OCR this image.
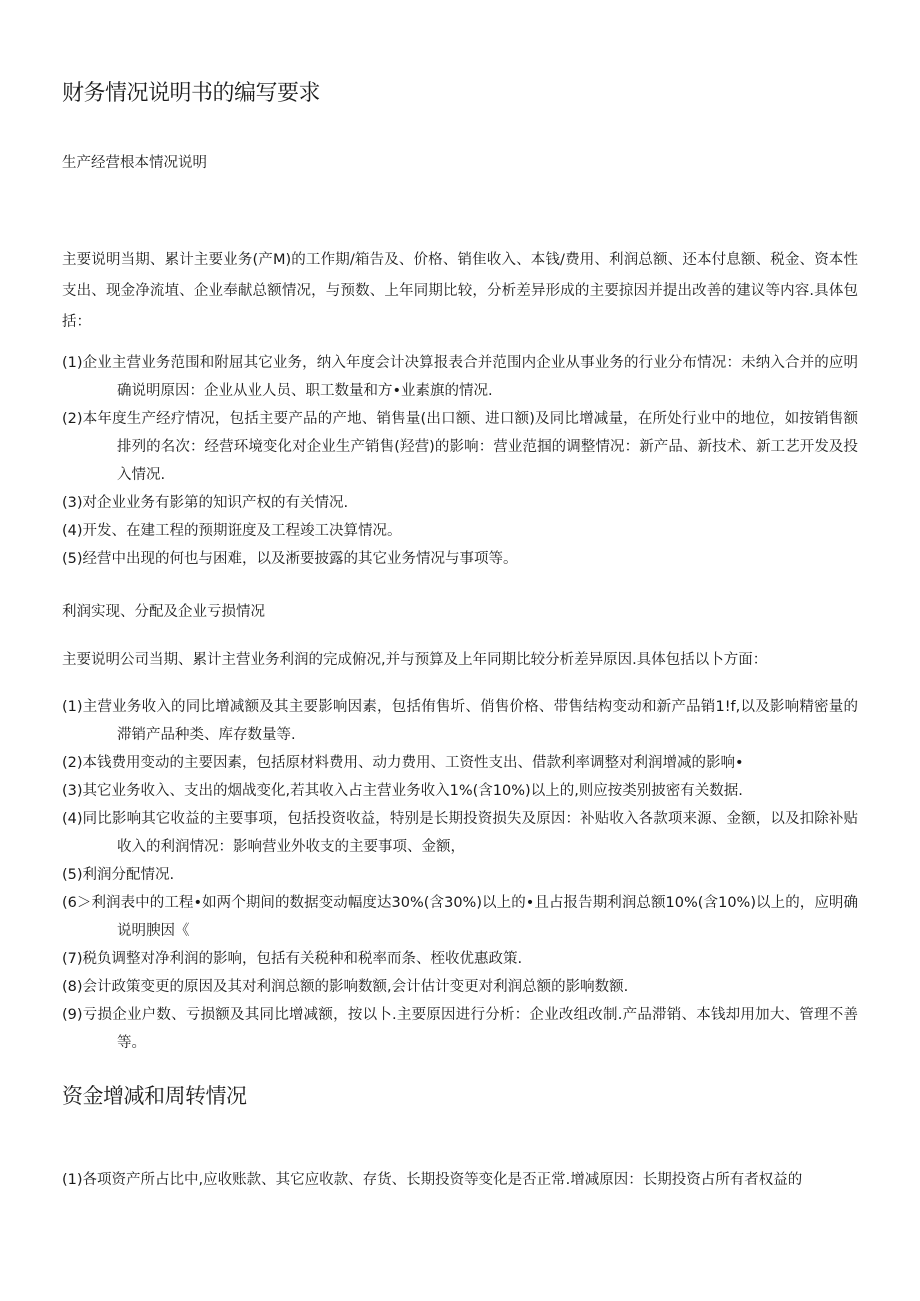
财务情况说明书的编写要求
生产经营根本情况说明

主要说明当期、累计主要业务(产M)的工作期/箱告及、价格、销隹收入、本钱/费用、利润总额、还本付息额、税金、资本性支出、现金净流埴、企业奉献总额情况，与预数、上年同期比较，分析差异形成的主要掠因并提出改善的建议等内容.具体包括：

(1)企业主营业务范围和附屈其它业务，纳入年度会计决算报表合并范围内企业从事业务的行业分布情况：未纳入合并的应明确说明原因：企业从业人员、职工数量和方•业素旗的情况.
(2)本年度生产经疗情况，包括主要产品的产地、销售量(出口额、进口额)及同比增减量，在所处行业中的地位，如按销售额排列的名次：经营环境变化对企业生产销售(羟营)的影响：营业范掴的调整情况：新产品、新技术、新工艺开发及投入情况.
(3)对企业业务有影第的知识产权的有关情况.
(4)开发、在建工程的预期诳度及工程竣工决算情况。
(5)经营中出现的何也与困难，以及淅要披露的其它业务情况与事项等。
利润实现、分配及企业亏损情况

主要说明公司当期、累计主营业务利润的完成俯况,并与预算及上年同期比较分析差异原因.具体包括以卜方面：

(1)主营业务收入的同比增减额及其主要影响因素，包括侑售圻、俏售价格、带售结构变动和新产品销1!f,以及影响精密量的滞销产品种类、库存数量等.
(2)本钱费用变动的主要因素，包括原材料费用、动力费用、工资性支出、借款利率调整对利润增减的影响•
(3)其它业务收入、支出的烟战变化,若其收入占主营业务收入1%(含10%)以上的,则应按类别披密有关数据.
(4)同比影响其它收益的主要事项，包括投资收益，特别是长期投资损失及原因：补贴收入各款项来源、金额，以及扣除补贴收入的利润情况：影响营业外收支的主要事项、金额，
(5)利润分配情况.
(6＞利润表中的工程•如两个期间的数据变动幅度达30%(含30%)以上的•且占报告期利润总额10%(含10%)以上的，应明确说明腴因《
(7)税负调整对净利润的影响，包括有关税种和税率而条、桎收优惠政策.
(8)会计政策变更的原因及其对利润总额的影响数额,会计估计变更对利润总额的影响数额.
(9)亏损企业户数、亏损额及其同比增减额，按以卜.主要原因进行分析：企业改组改制.产品滞销、本钱却用加大、管理不善等。
资金增减和周转情况
(1)各项资产所占比中,应收账款、其它应收款、存货、长期投资等变化是否正常.增减原因：长期投资占所有者权益的
